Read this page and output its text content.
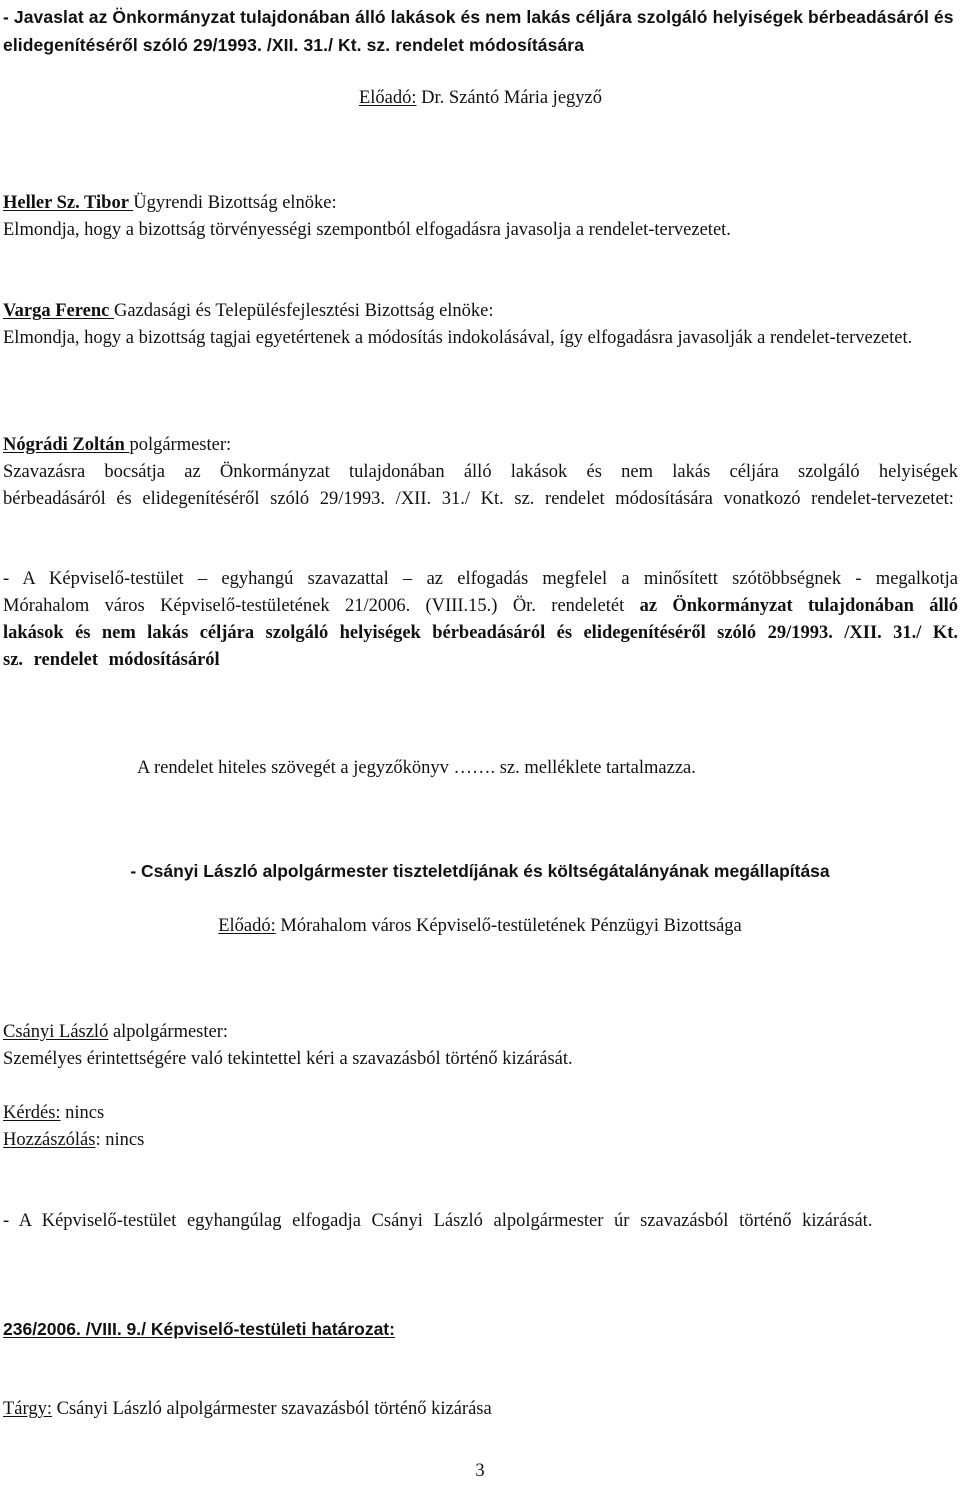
- Javaslat az Önkormányzat tulajdonában álló lakások és nem lakás céljára szolgáló helyiségek bérbeadásáról és elidegenítéséről szóló 29/1993. /XII. 31./ Kt. sz. rendelet módosítására

Előadó: Dr. Szántó Mária jegyző

Heller Sz. Tibor Ügyrendi Bizottság elnöke:

Elmondja, hogy a bizottság törvényességi szempontból elfogadásra javasolja a rendelet-tervezetet.

Varga Ferenc Gazdasági és Településfejlesztési Bizottság elnöke:

Elmondja, hogy a bizottság tagjai egyetértenek a módosítás indokolásával, így elfogadásra javasolják a rendelet-tervezetet.

Nógrádi Zoltán polgármester:

Szavazásra bocsátja az Önkormányzat tulajdonában álló lakások és nem lakás céljára szolgáló helyiségek bérbeadásáról és elidegenítéséről szóló 29/1993. /XII. 31./ Kt. sz. rendelet módosítására vonatkozó rendelet-tervezetet:

- A Képviselő-testület – egyhangú szavazattal – az elfogadás megfelel a minősített szótöbbségnek - megalkotja Mórahalom város Képviselő-testületének 21/2006. (VIII.15.) Ör. rendeletét az Önkormányzat tulajdonában álló lakások és nem lakás céljára szolgáló helyiségek bérbeadásáról és elidegenítéséről szóló 29/1993. /XII. 31./ Kt. sz. rendelet módosításáról

A rendelet hiteles szövegét a jegyzőkönyv ……. sz. melléklete tartalmazza.

- Csányi László alpolgármester tiszteletdíjának és költségátalányának megállapítása

Előadó: Mórahalom város Képviselő-testületének Pénzügyi Bizottsága

Csányi László alpolgármester:

Személyes érintettségére való tekintettel kéri a szavazásból történő kizárását.

Kérdés: nincs
Hozzászólás: nincs

- A Képviselő-testület egyhangúlag elfogadja Csányi László alpolgármester úr szavazásból történő kizárását.

236/2006. /VIII. 9./ Képviselő-testületi határozat:
Tárgy: Csányi László alpolgármester szavazásból történő kizárása
3
